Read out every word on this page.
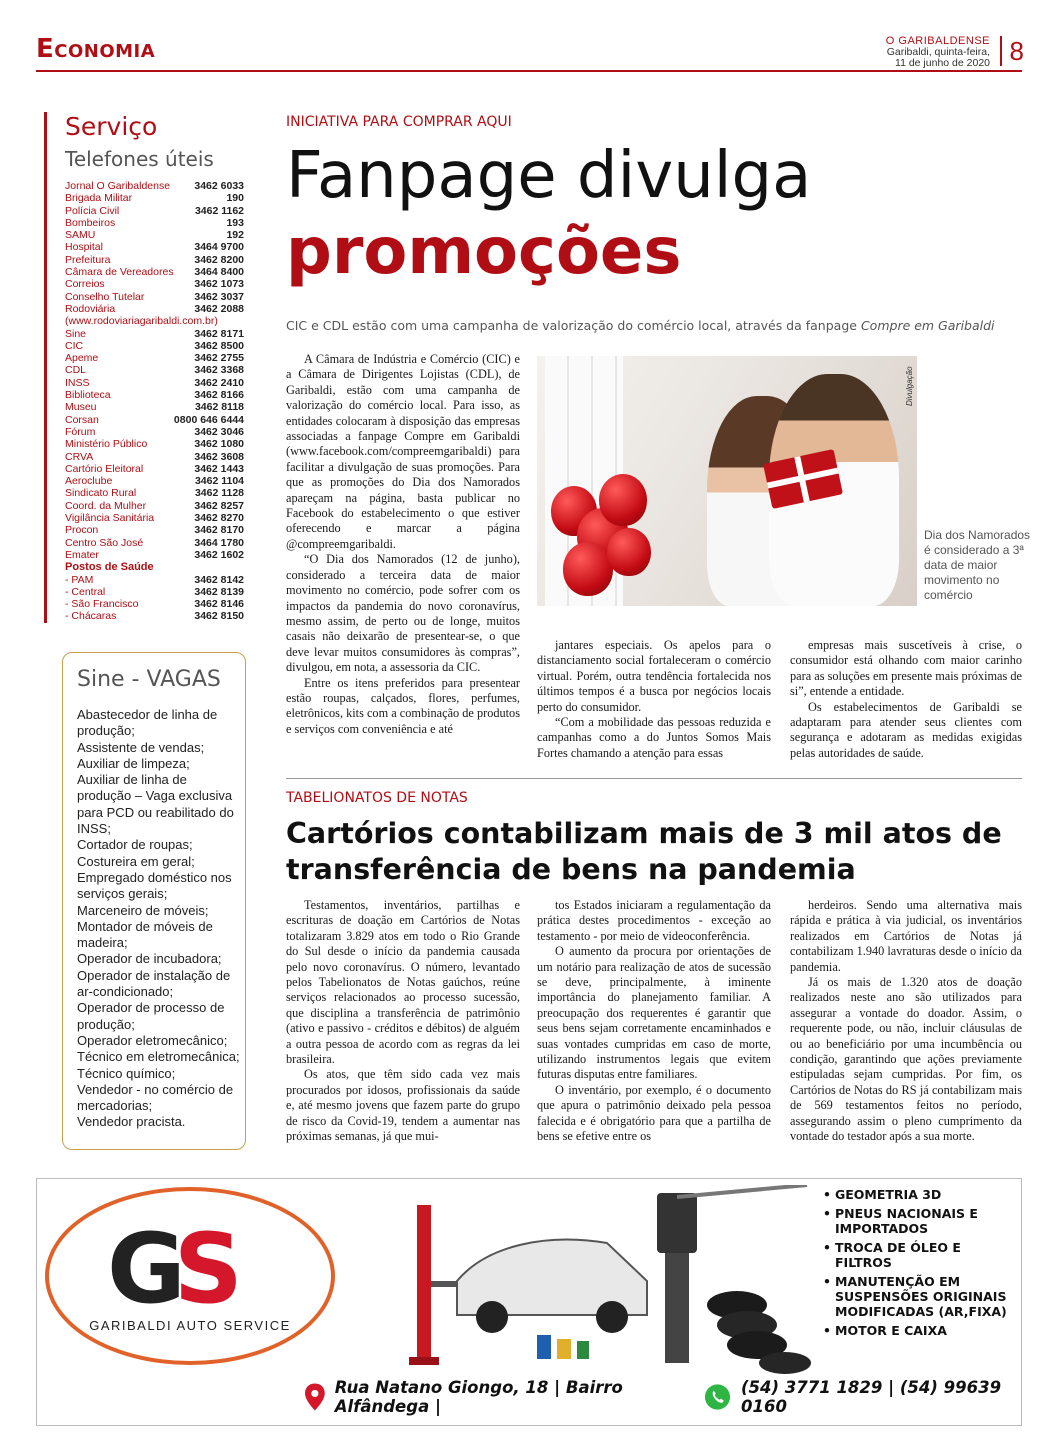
Economia	O GARIBALDENSE
Garibaldi, quinta-feira,
11 de junho de 2020 8
Serviço
Telefones úteis
Jornal O Garibaldense 3462 6033
Brigada Militar	190
Polícia Civil	3462 1162
Bombeiros	193
SAMU	192
Hospital	3464 9700
Prefeitura	3462 8200
Câmara de Vereadores 3464 8400
Correios	3462 1073
Conselho Tutelar	3462 3037
Rodoviária	3462 2088
(www.rodoviariagaribaldi.com.br)
Sine	3462 8171
CIC	3462 8500
Apeme	3462 2755
CDL	3462 3368
INSS	3462 2410
Biblioteca	3462 8166
Museu	3462 8118
Corsan	0800 646 6444
Fórum	3462 3046
Ministério Público	3462 1080
CRVA	3462 3608
Cartório Eleitoral	3462 1443
Aeroclube	3462 1104
Sindicato Rural	3462 1128
Coord. da Mulher	3462 8257
Vigilância Sanitária	3462 8270
Procon	3462 8170
Centro São José	3464 1780
Emater	3462 1602
Postos de Saúde
- PAM	3462 8142
- Central	3462 8139
- São Francisco	3462 8146
- Chácaras	3462 8150
Sine - VAGAS
Abastecedor de linha de produção;
Assistente de vendas;
Auxiliar de limpeza;
Auxiliar de linha de produção – Vaga exclusiva para PCD ou reabilitado do INSS;
Cortador de roupas;
Costureira em geral;
Empregado doméstico nos serviços gerais;
Marceneiro de móveis;
Montador de móveis de madeira;
Operador de incubadora;
Operador de instalação de ar-condicionado;
Operador de processo de produção;
Operador eletromecânico;
Técnico em eletromecânica;
Técnico químico;
Vendedor - no comércio de mercadorias;
Vendedor pracista.
INICIATIVA PARA COMPRAR AQUI
Fanpage divulga
promoções
CIC e CDL estão com uma campanha de valorização do comércio local, através da fanpage Compre em Garibaldi

A Câmara de Indústria e Comércio (CIC) e a Câmara de Dirigentes Lojistas (CDL), de Garibaldi, estão com uma campanha de valorização do comércio local. Para isso, as entidades colocaram à disposição das empresas associadas a fanpage Compre em Garibaldi (www.facebook.com/compreemgaribaldi) para facilitar a divulgação de suas promoções. Para que as promoções do Dia dos Namorados apareçam na página, basta publicar no Facebook do estabelecimento o que estiver oferecendo e marcar a página @compreemgaribaldi.

“O Dia dos Namorados (12 de junho), considerado a terceira data de maior movimento no comércio, pode sofrer com os impactos da pandemia do novo coronavírus, mesmo assim, de perto ou de longe, muitos casais não deixarão de presentear-se, o que deve levar muitos consumidores às compras”, divulgou, em nota, a assessoria da CIC.

Entre os itens preferidos para presentear estão roupas, calçados, flores, perfumes, eletrônicos, kits com a combinação de produtos e serviços com conveniência e até

Divulgação
Dia dos Namorados é considerado a 3ª data de maior movimento no comércio

jantares especiais. Os apelos para o distanciamento social fortaleceram o comércio virtual. Porém, outra tendência fortalecida nos últimos tempos é a busca por negócios locais perto do consumidor.

“Com a mobilidade das pessoas reduzida e campanhas como a do Juntos Somos Mais Fortes chamando a atenção para essas

empresas mais suscetíveis à crise, o consumidor está olhando com maior carinho para as soluções em presente mais próximas de si”, entende a entidade.

Os estabelecimentos de Garibaldi se adaptaram para atender seus clientes com segurança e adotaram as medidas exigidas pelas autoridades de saúde.

TABELIONATOS DE NOTAS
Cartórios contabilizam mais de 3 mil atos de transferência de bens na pandemia

Testamentos, inventários, partilhas e escrituras de doação em Cartórios de Notas totalizaram 3.829 atos em todo o Rio Grande do Sul desde o início da pandemia causada pelo novo coronavírus. O número, levantado pelos Tabelionatos de Notas gaúchos, reúne serviços relacionados ao processo sucessão, que disciplina a transferência de patrimônio (ativo e passivo - créditos e débitos) de alguém a outra pessoa de acordo com as regras da lei brasileira.

Os atos, que têm sido cada vez mais procurados por idosos, profissionais da saúde e, até mesmo jovens que fazem parte do grupo de risco da Covid-19, tendem a aumentar nas próximas semanas, já que mui-

tos Estados iniciaram a regulamentação da prática destes procedimentos - exceção ao testamento - por meio de videoconferência.

O aumento da procura por orientações de um notário para realização de atos de sucessão se deve, principalmente, à iminente importância do planejamento familiar. A preocupação dos requerentes é garantir que seus bens sejam corretamente encaminhados e suas vontades cumpridas em caso de morte, utilizando instrumentos legais que evitem futuras disputas entre familiares.

O inventário, por exemplo, é o documento que apura o patrimônio deixado pela pessoa falecida e é obrigatório para que a partilha de bens se efetive entre os

herdeiros. Sendo uma alternativa mais rápida e prática à via judicial, os inventários realizados em Cartórios de Notas já contabilizam 1.940 lavraturas desde o início da pandemia.

Já os mais de 1.320 atos de doação realizados neste ano são utilizados para assegurar a vontade do doador. Assim, o requerente pode, ou não, incluir cláusulas de ou ao beneficiário por uma incumbência ou condição, garantindo que ações previamente estipuladas sejam cumpridas. Por fim, os Cartórios de Notas do RS já contabilizam mais de 569 testamentos feitos no período, assegurando assim o pleno cumprimento da vontade do testador após a sua morte.

GS
GARIBALDI AUTO SERVICE
• GEOMETRIA 3D
• PNEUS NACIONAIS E IMPORTADOS
• TROCA DE ÓLEO E FILTROS
• MANUTENÇÃO EM SUSPENSÕES ORIGINAIS MODIFICADAS (AR,FIXA)
• MOTOR E CAIXA
Rua Natano Giongo, 18 | Bairro Alfândega |
(54) 3771 1829 | (54) 99639 0160
